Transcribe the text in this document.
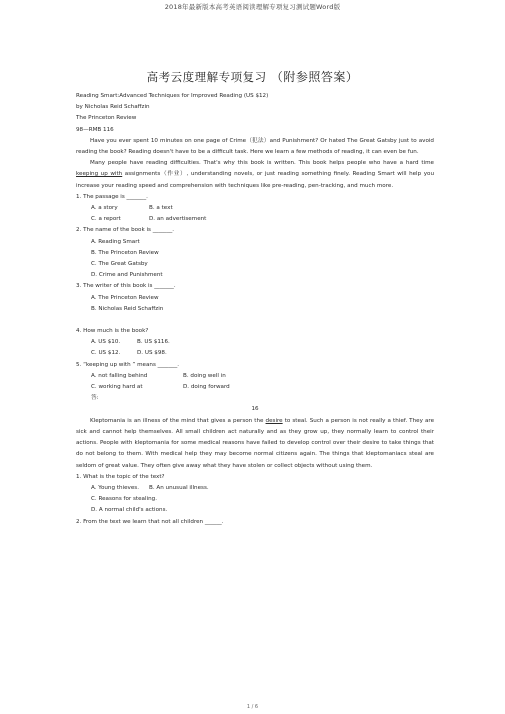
2018年最新版本高考英语阅读理解专项复习测试题Word版
高考云度理解专项复习 （附参照答案）
Reading Smart:Advanced Techniques for Improved Reading (US $12)
by Nicholas Reid Schaffzin
The Princeton Review
98—RMB 116
Have you ever spent 10 minutes on one page of Crime（犯法）and Punishment? Or hated The Great Gatsby just to avoid reading the book? Reading doesn't have to be a difficult task. Here we learn a few methods of reading, it can even be fun.
Many people have reading difficulties. That's why this book is written. This book helps people who have a hard time keeping up with assignments（作业）, understanding novels, or just reading something finely. Reading Smart will help you increase your reading speed and comprehension with techniques like pre-reading, pen-tracking, and much more.
1. The passage is _______.
A. a story	B. a text
C. a report	D. an advertisement
2. The name of the book is _______.
A. Reading Smart
B. The Princeton Review
C. The Great Gatsby
D. Crime and Punishment
3. The writer of this book is _______.
A. The Princeton Review
B. Nicholas Reid Schaffzin
4. How much is the book?
A. US $10.	B. US $116.
C. US $12.	D. US $98.
5. “keeping up with ” means _______.
A. not falling behind	B. doing well in
C. working hard at	D. doing forward
答:
16
Kleptomania is an illness of the mind that gives a person the desire to steal. Such a person is not really a thief. They are sick and cannot help themselves. All small children act naturally and as they grow up, they normally learn to control their actions. People with kleptomania for some medical reasons have failed to develop control over their desire to take things that do not belong to them. With medical help they may become normal citizens again. The things that kleptomaniacs steal are seldom of great value. They often give away what they have stolen or collect objects without using them.
1. What is the topic of the text?
A. Young thieves. B. An unusual illness.
C. Reasons for stealing.
D. A normal child's actions.
2. From the text we learn that not all children ______.
1 / 6
